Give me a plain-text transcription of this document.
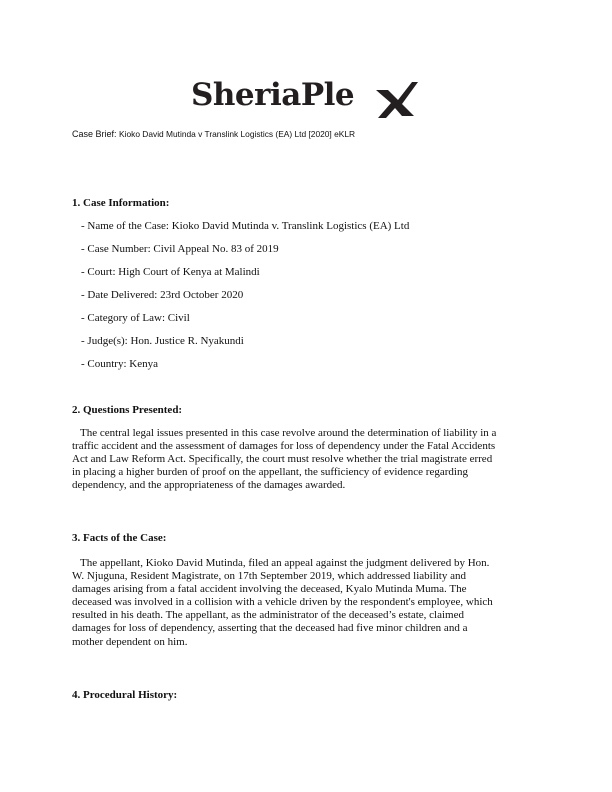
SheriaPle
Case Brief: Kioko David Mutinda v Translink Logistics (EA) Ltd [2020] eKLR
1. Case Information:
- Name of the Case: Kioko David Mutinda v. Translink Logistics (EA) Ltd
- Case Number: Civil Appeal No. 83 of 2019
- Court: High Court of Kenya at Malindi
- Date Delivered: 23rd October 2020
- Category of Law: Civil
- Judge(s): Hon. Justice R. Nyakundi
- Country: Kenya
2. Questions Presented:
The central legal issues presented in this case revolve around the determination of liability in a
traffic accident and the assessment of damages for loss of dependency under the Fatal Accidents
Act and Law Reform Act. Specifically, the court must resolve whether the trial magistrate erred
in placing a higher burden of proof on the appellant, the sufficiency of evidence regarding
dependency, and the appropriateness of the damages awarded.
3. Facts of the Case:
The appellant, Kioko David Mutinda, filed an appeal against the judgment delivered by Hon.
W. Njuguna, Resident Magistrate, on 17th September 2019, which addressed liability and
damages arising from a fatal accident involving the deceased, Kyalo Mutinda Muma. The
deceased was involved in a collision with a vehicle driven by the respondent's employee, which
resulted in his death. The appellant, as the administrator of the deceased’s estate, claimed
damages for loss of dependency, asserting that the deceased had five minor children and a
mother dependent on him.
4. Procedural History:
